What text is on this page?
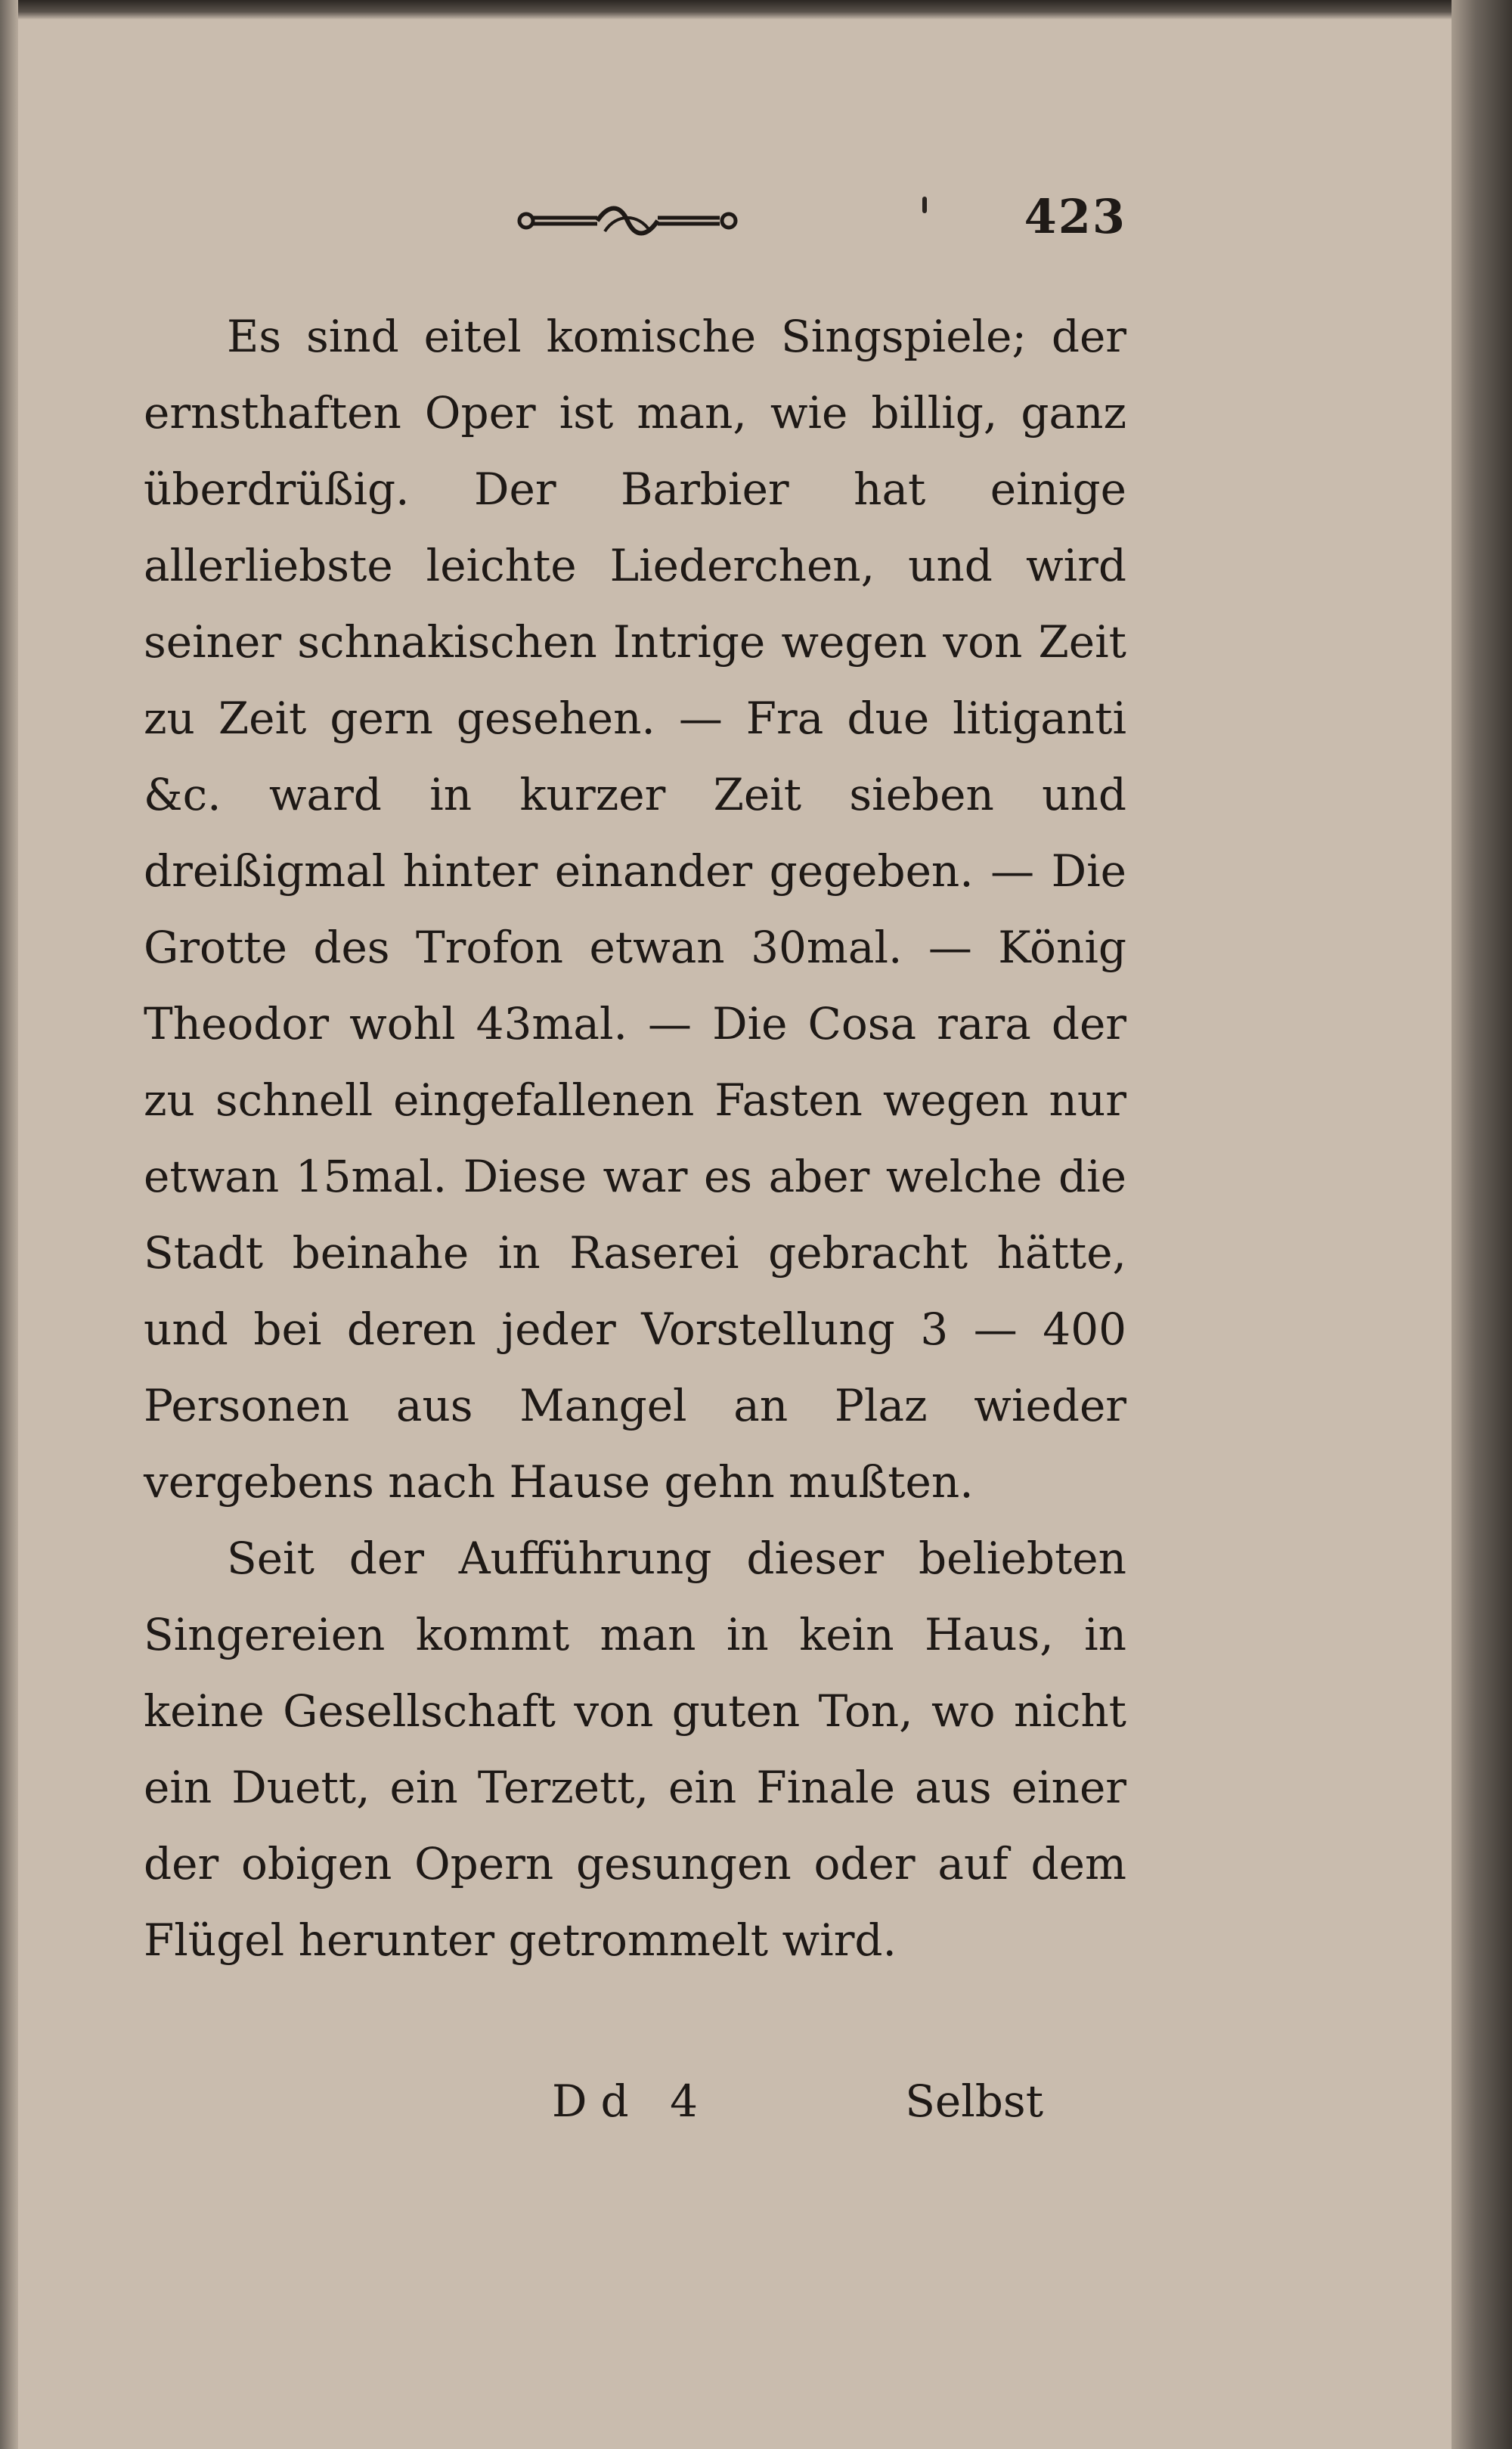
423

Es sind eitel komische Singspiele; der ernsthaften Oper ist man, wie billig, ganz überdrüßig. Der Barbier hat einige allerliebste leichte Liederchen, und wird seiner schnakischen Intrige wegen von Zeit zu Zeit gern gesehen. — Fra due litiganti &c. ward in kurzer Zeit sieben und dreißigmal hinter einander gegeben. — Die Grotte des Trofon etwan 30mal. — König Theodor wohl 43mal. — Die Cosa rara der zu schnell eingefallenen Fasten wegen nur etwan 15mal. Diese war es aber welche die Stadt beinahe in Raserei gebracht hätte, und bei deren jeder Vorstellung 3 — 400 Personen aus Mangel an Plaz wieder vergebens nach Hause gehn mußten.

Seit der Aufführung dieser beliebten Singereien kommt man in kein Haus, in keine Gesellschaft von guten Ton, wo nicht ein Duett, ein Terzett, ein Finale aus einer der obigen Opern gesungen oder auf dem Flügel herunter getrommelt wird.

Dd 4	Selbst
